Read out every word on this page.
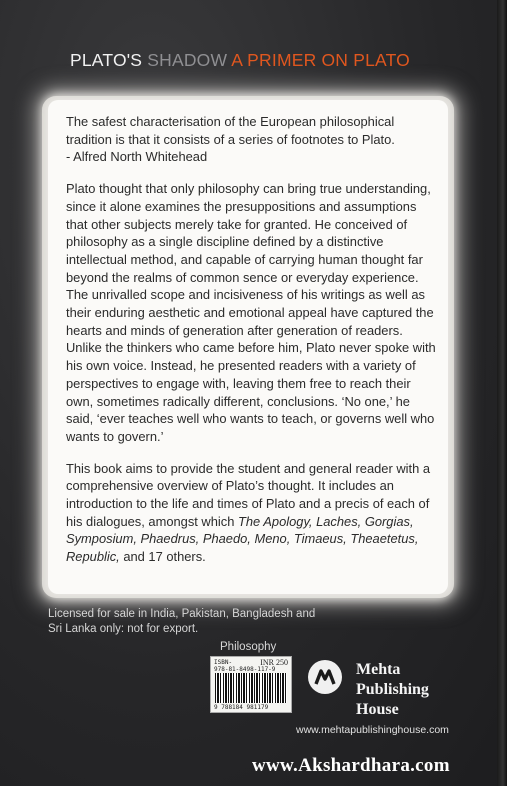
PLATO'S SHADOW A PRIMER ON PLATO

The safest characterisation of the European philosophical tradition is that it consists of a series of footnotes to Plato.
- Alfred North Whitehead

Plato thought that only philosophy can bring true understanding, since it alone examines the presuppositions and assumptions that other subjects merely take for granted. He conceived of philosophy as a single discipline defined by a distinctive intellectual method, and capable of carrying human thought far beyond the realms of common sence or everyday experience. The unrivalled scope and incisiveness of his writings as well as their enduring aesthetic and emotional appeal have captured the hearts and minds of generation after generation of readers. Unlike the thinkers who came before him, Plato never spoke with his own voice. Instead, he presented readers with a variety of perspectives to engage with, leaving them free to reach their own, sometimes radically different, conclusions. ‘No one,’ he said, ‘ever teaches well who wants to teach, or governs well who wants to govern.’

This book aims to provide the student and general reader with a comprehensive overview of Plato’s thought. It includes an introduction to the life and times of Plato and a precis of each of his dialogues, amongst which The Apology, Laches, Gorgias, Symposium, Phaedrus, Phaedo, Meno, Timaeus, Theaetetus, Republic, and 17 others.

Licensed for sale in India, Pakistan, Bangladesh and Sri Lanka only: not for export.
Philosophy
ISBN-
978-81-8498-117-9
INR 250
9 788184 981179
Mehta
Publishing
House
www.mehtapublishinghouse.com
www.Akshardhara.com
